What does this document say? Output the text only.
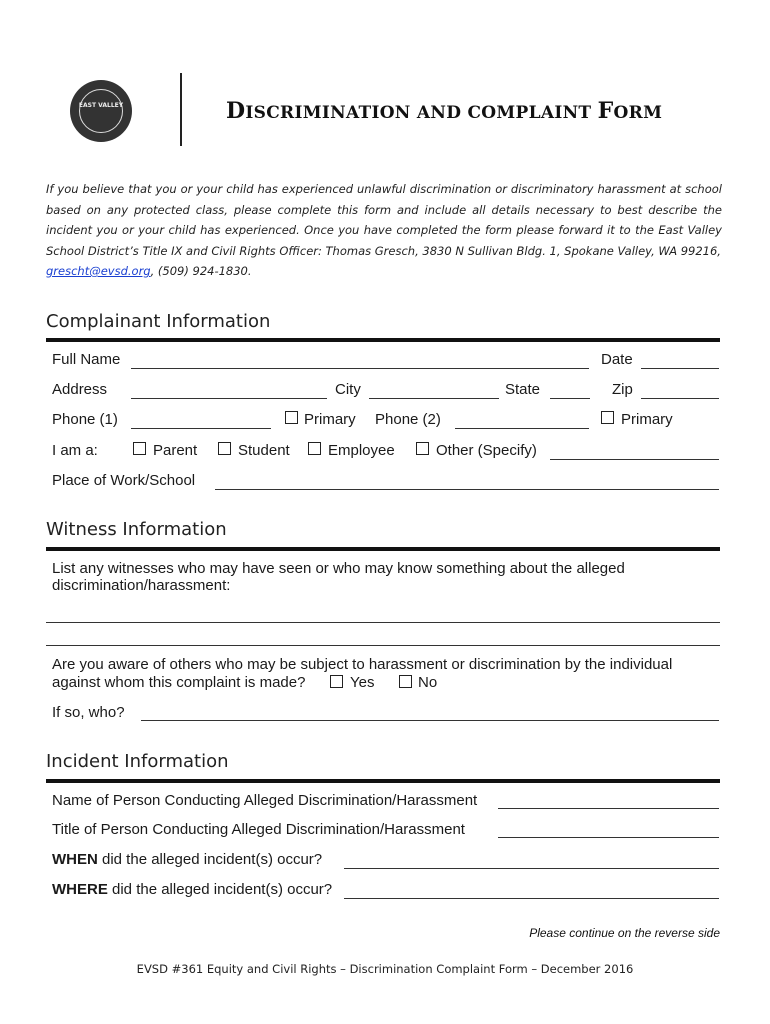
EAST VALLEY	DISCRIMINATION AND COMPLAINT FORM
If you believe that you or your child has experienced unlawful discrimination or discriminatory harassment at school based on any protected class, please complete this form and include all details necessary to best describe the incident you or your child has experienced. Once you have completed the form please forward it to the East Valley School District’s Title IX and Civil Rights Officer: Thomas Gresch, 3830 N Sullivan Bldg. 1, Spokane Valley, WA 99216,
grescht@evsd.org, (509) 924-1830.
Complainant Information
Full Name	Date
Address	City	State	Zip
Phone (1)	Primary Phone (2)	Primary
I am a:	Parent	Student	Employee	Other (Specify)
Place of Work/School
Witness Information
List any witnesses who may have seen or who may know something about the alleged discrimination/harassment:
Are you aware of others who may be subject to harassment or discrimination by the individual
against whom this complaint is made?	Yes	No
If so, who?
Incident Information
Name of Person Conducting Alleged Discrimination/Harassment
Title of Person Conducting Alleged Discrimination/Harassment
WHEN did the alleged incident(s) occur?
WHERE did the alleged incident(s) occur?
Please continue on the reverse side
EVSD #361 Equity and Civil Rights – Discrimination Complaint Form – December 2016
